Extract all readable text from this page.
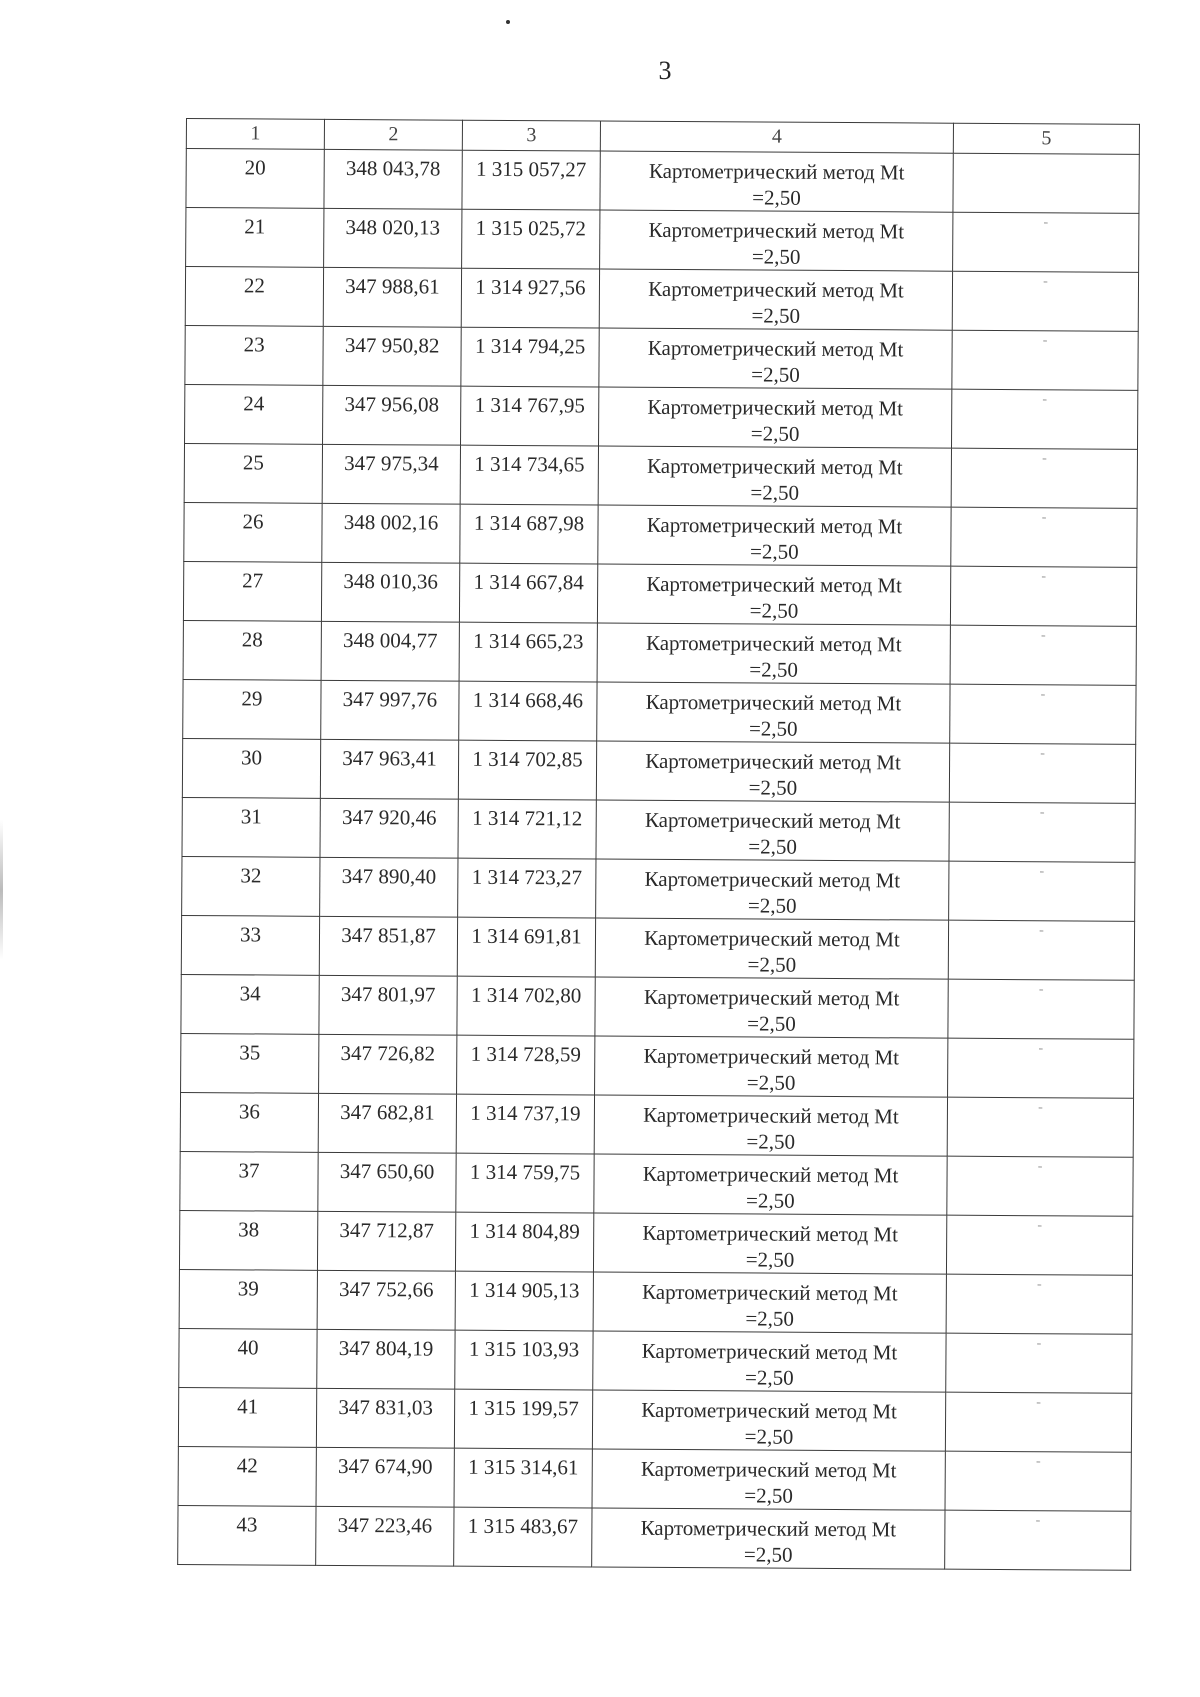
3
1	2	3	4	5
20	348 043,78	1 315 057,27	Картометрический метод Mt
=2,50	

21	348 020,13	1 315 025,72	Картометрический метод Mt
=2,50	-
22	347 988,61	1 314 927,56	Картометрический метод Mt
=2,50	-
23	347 950,82	1 314 794,25	Картометрический метод Mt
=2,50	-
24	347 956,08	1 314 767,95	Картометрический метод Mt
=2,50	-
25	347 975,34	1 314 734,65	Картометрический метод Mt
=2,50	-
26	348 002,16	1 314 687,98	Картометрический метод Mt
=2,50	-
27	348 010,36	1 314 667,84	Картометрический метод Mt
=2,50	-
28	348 004,77	1 314 665,23	Картометрический метод Mt
=2,50	-
29	347 997,76	1 314 668,46	Картометрический метод Mt
=2,50	-
30	347 963,41	1 314 702,85	Картометрический метод Mt
=2,50	-
31	347 920,46	1 314 721,12	Картометрический метод Mt
=2,50	-
32	347 890,40	1 314 723,27	Картометрический метод Mt
=2,50	-
33	347 851,87	1 314 691,81	Картометрический метод Mt
=2,50	-
34	347 801,97	1 314 702,80	Картометрический метод Mt
=2,50	-
35	347 726,82	1 314 728,59	Картометрический метод Mt
=2,50	-
36	347 682,81	1 314 737,19	Картометрический метод Mt
=2,50	-
37	347 650,60	1 314 759,75	Картометрический метод Mt
=2,50	-
38	347 712,87	1 314 804,89	Картометрический метод Mt
=2,50	-
39	347 752,66	1 314 905,13	Картометрический метод Mt
=2,50	-
40	347 804,19	1 315 103,93	Картометрический метод Mt
=2,50	-
41	347 831,03	1 315 199,57	Картометрический метод Mt
=2,50	-
42	347 674,90	1 315 314,61	Картометрический метод Mt
=2,50	-
43	347 223,46	1 315 483,67	Картометрический метод Mt
=2,50	-
